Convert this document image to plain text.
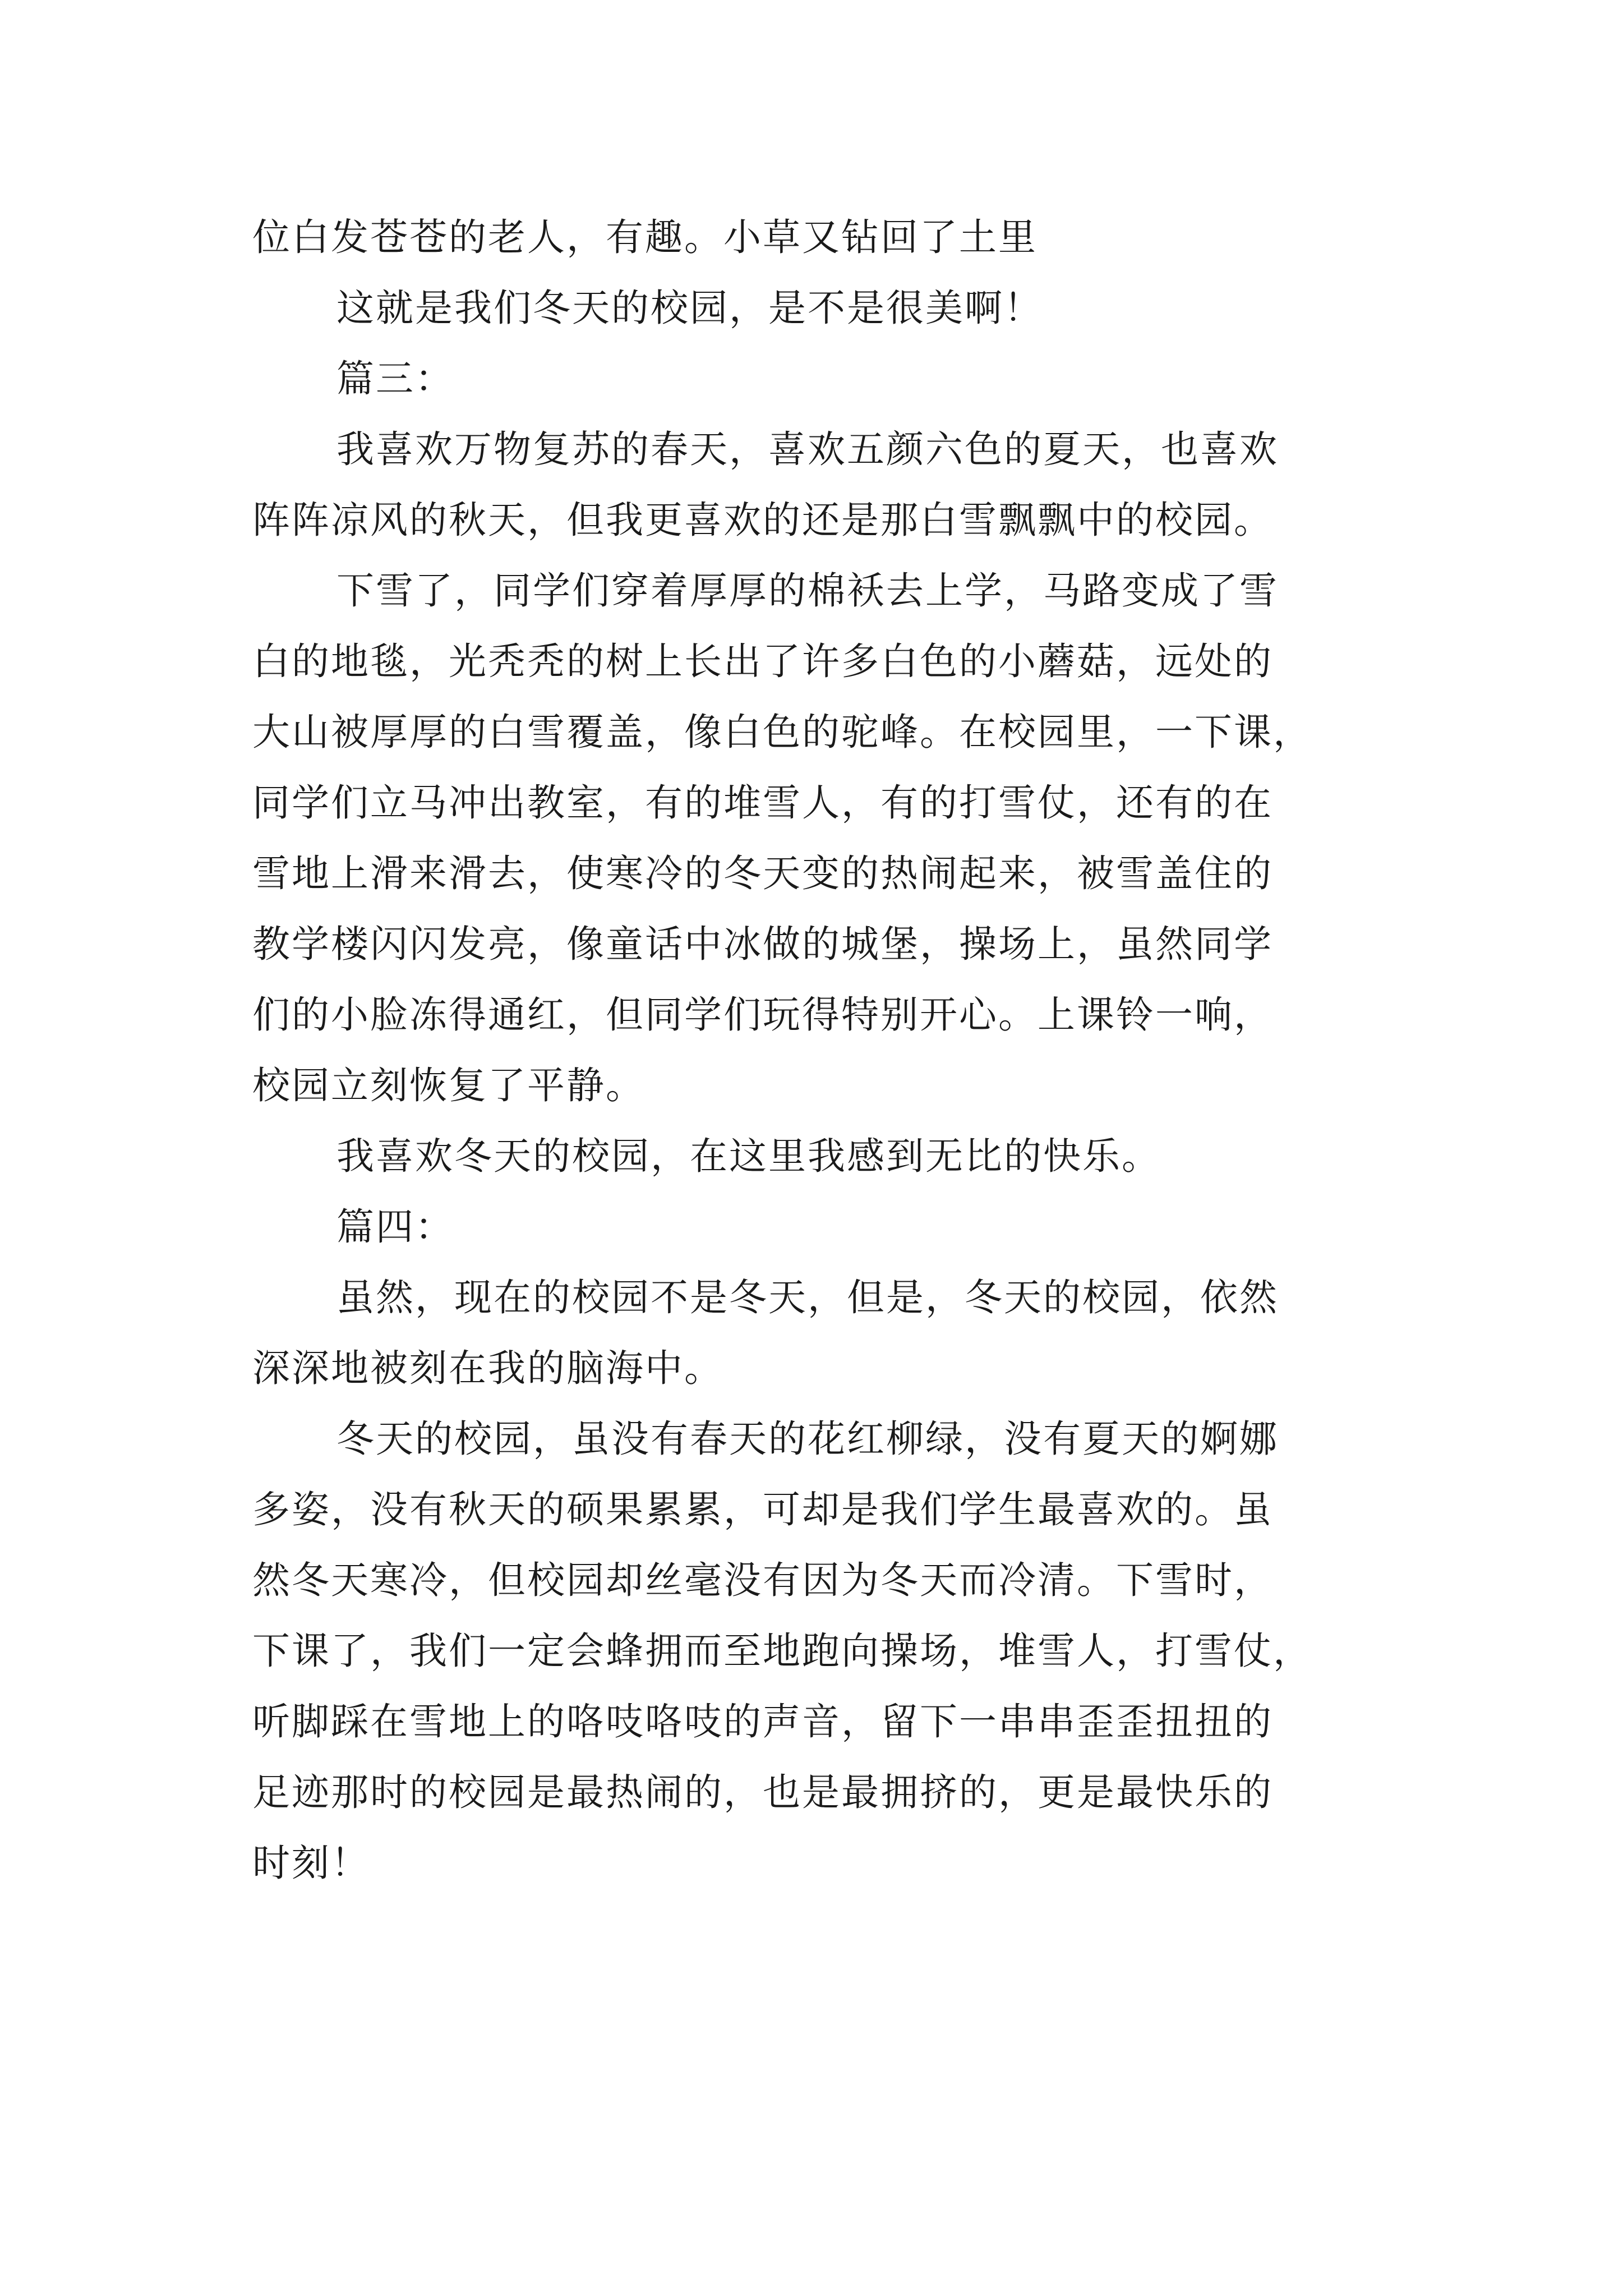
位白发苍苍的老人，有趣。小草又钻回了土里
这就是我们冬天的校园，是不是很美啊！
篇三：
我喜欢万物复苏的春天，喜欢五颜六色的夏天，也喜欢
阵阵凉风的秋天，但我更喜欢的还是那白雪飘飘中的校园。
下雪了，同学们穿着厚厚的棉袄去上学，马路变成了雪
白的地毯，光秃秃的树上长出了许多白色的小蘑菇，远处的
大山被厚厚的白雪覆盖，像白色的驼峰。在校园里，一下课，
同学们立马冲出教室，有的堆雪人，有的打雪仗，还有的在
雪地上滑来滑去，使寒冷的冬天变的热闹起来，被雪盖住的
教学楼闪闪发亮，像童话中冰做的城堡，操场上，虽然同学
们的小脸冻得通红，但同学们玩得特别开心。上课铃一响，
校园立刻恢复了平静。
我喜欢冬天的校园，在这里我感到无比的快乐。
篇四：
虽然，现在的校园不是冬天，但是，冬天的校园，依然
深深地被刻在我的脑海中。
冬天的校园，虽没有春天的花红柳绿，没有夏天的婀娜
多姿，没有秋天的硕果累累，可却是我们学生最喜欢的。虽
然冬天寒冷，但校园却丝毫没有因为冬天而冷清。下雪时，
下课了，我们一定会蜂拥而至地跑向操场，堆雪人，打雪仗，
听脚踩在雪地上的咯吱咯吱的声音，留下一串串歪歪扭扭的
足迹那时的校园是最热闹的，也是最拥挤的，更是最快乐的
时刻！
